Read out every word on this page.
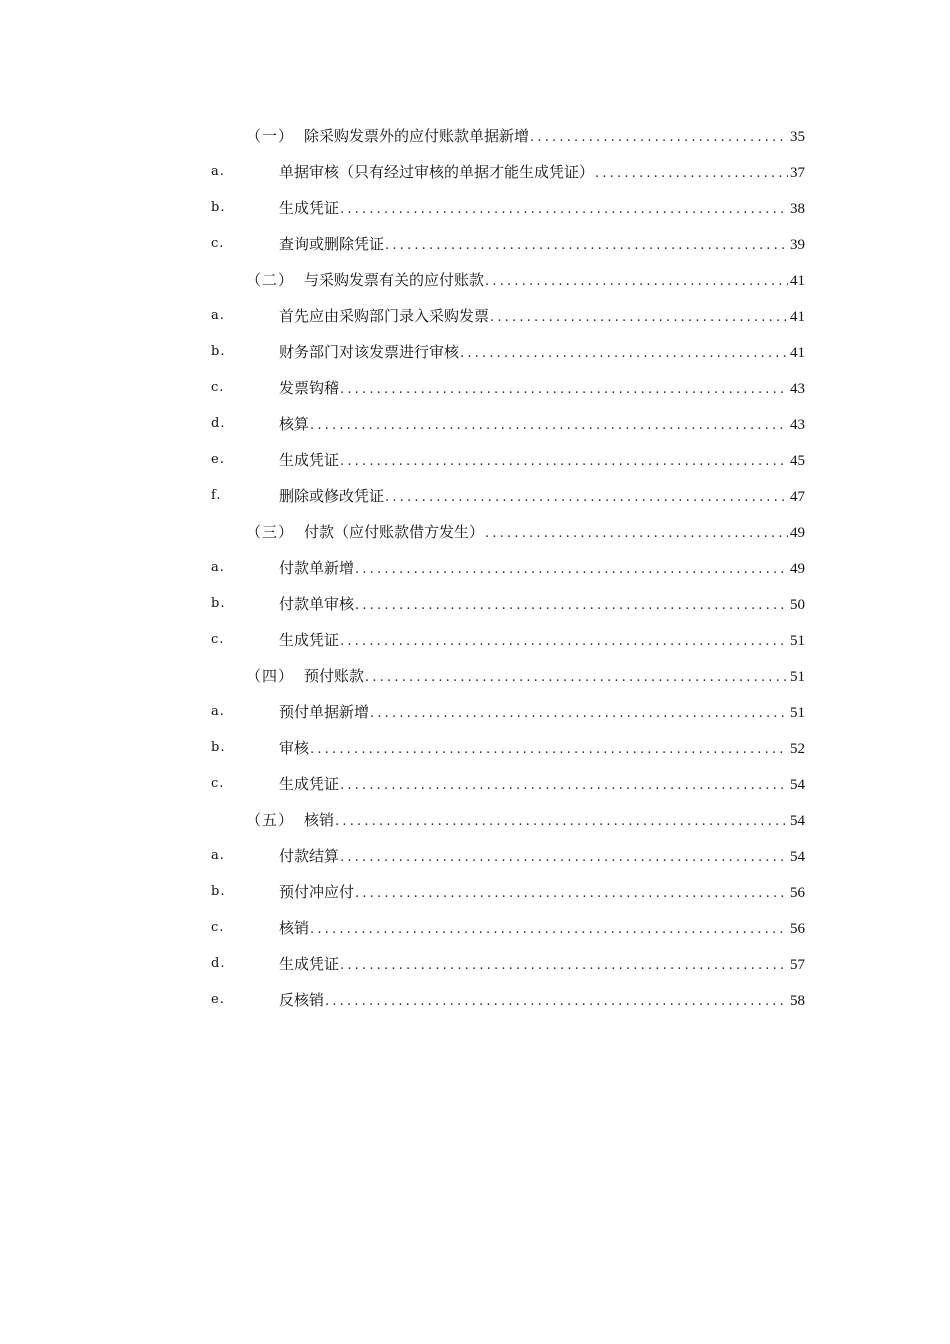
（一） 除采购发票外的应付账款单据新增 .....	35
a.	单据审核（只有经过审核的单据才能生成凭证） .....	37
b.	生成凭证 .....	38
c.	查询或删除凭证 .....	39
（二） 与采购发票有关的应付账款 .....	41
a.	首先应由采购部门录入采购发票 .....	41
b.	财务部门对该发票进行审核 .....	41
c.	发票钩稽 .....	43
d.	核算 .....	43
e.	生成凭证 .....	45
f.	删除或修改凭证 .....	47
（三） 付款（应付账款借方发生） .....	49
a.	付款单新增 .....	49
b.	付款单审核 .....	50
c.	生成凭证 .....	51
（四） 预付账款 .....	51
a.	预付单据新增 .....	51
b.	审核 .....	52
c.	生成凭证 .....	54
（五） 核销 .....	54
a.	付款结算 .....	54
b.	预付冲应付 .....	56
c.	核销 .....	56
d.	生成凭证 .....	57
e.	反核销 .....	58
